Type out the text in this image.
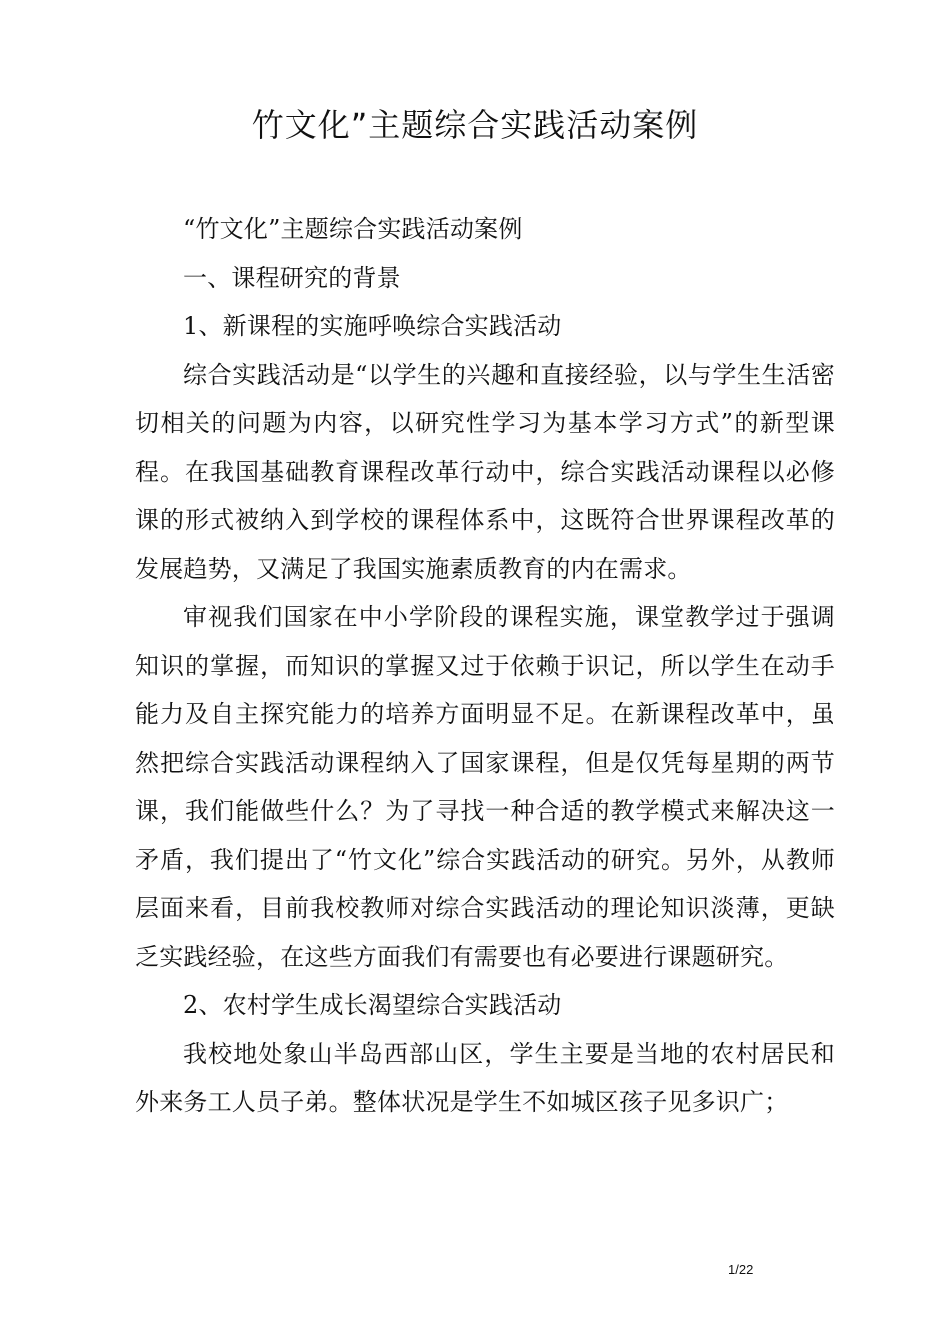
竹文化”主题综合实践活动案例

“竹文化”主题综合实践活动案例

一、课程研究的背景

1、新课程的实施呼唤综合实践活动

综合实践活动是“以学生的兴趣和直接经验，以与学生生活密切相关的问题为内容，以研究性学习为基本学习方式”的新型课程。在我国基础教育课程改革行动中，综合实践活动课程以必修课的形式被纳入到学校的课程体系中，这既符合世界课程改革的发展趋势，又满足了我国实施素质教育的内在需求。

审视我们国家在中小学阶段的课程实施，课堂教学过于强调知识的掌握，而知识的掌握又过于依赖于识记，所以学生在动手能力及自主探究能力的培养方面明显不足。在新课程改革中，虽然把综合实践活动课程纳入了国家课程，但是仅凭每星期的两节课，我们能做些什么？为了寻找一种合适的教学模式来解决这一矛盾，我们提出了“竹文化”综合实践活动的研究。另外，从教师层面来看，目前我校教师对综合实践活动的理论知识淡薄，更缺乏实践经验，在这些方面我们有需要也有必要进行课题研究。

2、农村学生成长渴望综合实践活动

我校地处象山半岛西部山区，学生主要是当地的农村居民和外来务工人员子弟。整体状况是学生不如城区孩子见多识广；

1/22
